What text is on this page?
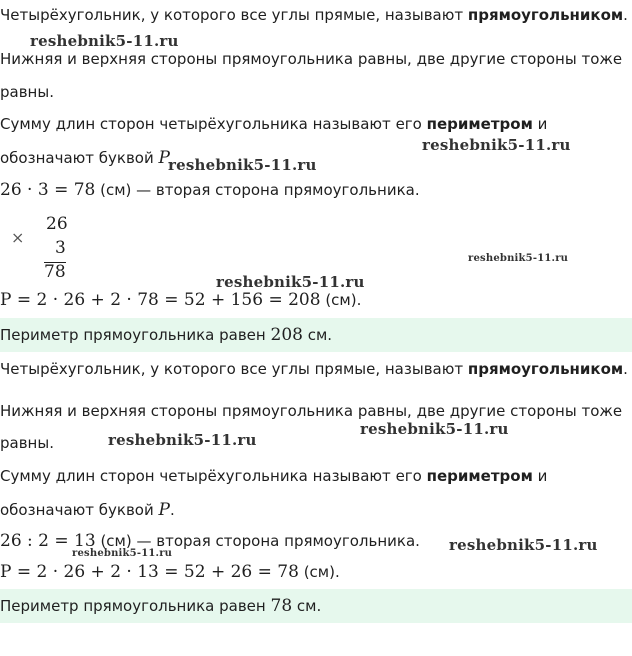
Четырёхугольник, у которого все углы прямые, называют прямоугольником.
reshebnik5-11.ru
Нижняя и верхняя стороны прямоугольника равны, две другие стороны тоже
равны.
Сумму длин сторон четырёхугольника называют его периметром и
reshebnik5-11.ru
обозначают буквой P
reshebnik5-11.ru
26 · 3 = 78 (см) — вторая сторона прямоугольника.
×
26
3
78
reshebnik5-11.ru
reshebnik5-11.ru
P = 2 · 26 + 2 · 78 = 52 + 156 = 208 (см).
Периметр прямоугольника равен 208 см.
Четырёхугольник, у которого все углы прямые, называют прямоугольником.
Нижняя и верхняя стороны прямоугольника равны, две другие стороны тоже
reshebnik5-11.ru
равны.	reshebnik5-11.ru
Сумму длин сторон четырёхугольника называют его периметром и
обозначают буквой P.
26 : 2 = 13 (см) — вторая сторона прямоугольника. reshebnik5-11.ru
reshebnik5-11.ru
P = 2 · 26 + 2 · 13 = 52 + 26 = 78 (см).
Периметр прямоугольника равен 78 см.
